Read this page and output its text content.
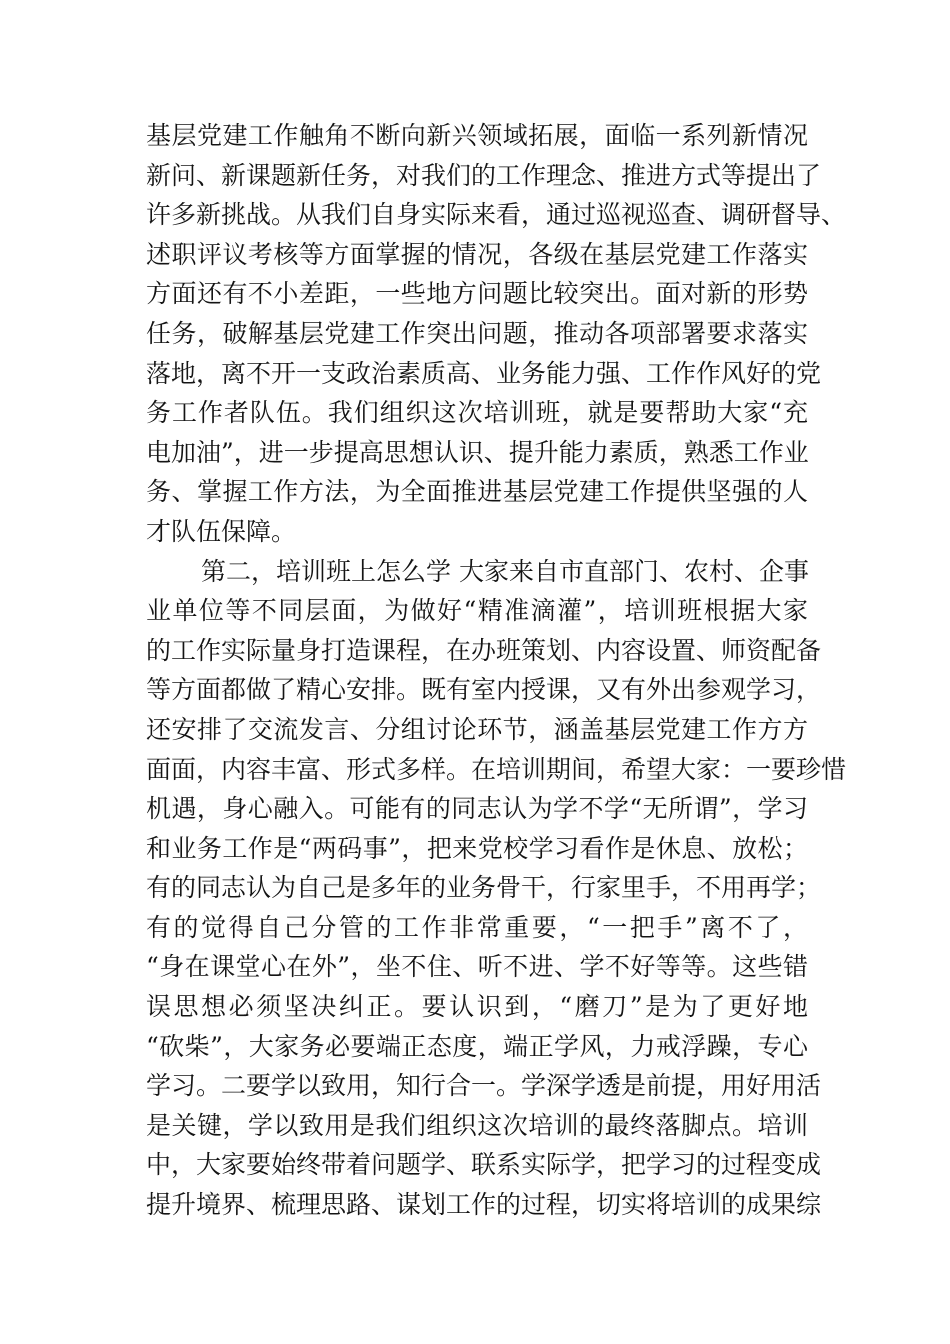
基层党建工作触角不断向新兴领域拓展，面临一系列新情况
新问、新课题新任务，对我们的工作理念、推进方式等提出了
许多新挑战。从我们自身实际来看，通过巡视巡查、调研督导、
述职评议考核等方面掌握的情况，各级在基层党建工作落实
方面还有不小差距，一些地方问题比较突出。面对新的形势
任务，破解基层党建工作突出问题，推动各项部署要求落实
落地，离不开一支政治素质高、业务能力强、工作作风好的党
务工作者队伍。我们组织这次培训班，就是要帮助大家“充
电加油”，进一步提高思想认识、提升能力素质，熟悉工作业
务、掌握工作方法，为全面推进基层党建工作提供坚强的人
才队伍保障。
第二，培训班上怎么学 大家来自市直部门、农村、企事
业单位等不同层面，为做好“精准滴灌”，培训班根据大家
的工作实际量身打造课程，在办班策划、内容设置、师资配备
等方面都做了精心安排。既有室内授课，又有外出参观学习，
还安排了交流发言、分组讨论环节，涵盖基层党建工作方方
面面，内容丰富、形式多样。在培训期间，希望大家：一要珍惜
机遇，身心融入。可能有的同志认为学不学“无所谓”，学习
和业务工作是“两码事”，把来党校学习看作是休息、放松；
有的同志认为自己是多年的业务骨干，行家里手，不用再学；
有的觉得自己分管的工作非常重要，“一把手”离不了，
“身在课堂心在外”，坐不住、听不进、学不好等等。这些错
误思想必须坚决纠正。要认识到，“磨刀”是为了更好地
“砍柴”，大家务必要端正态度，端正学风，力戒浮躁，专心
学习。二要学以致用，知行合一。学深学透是前提，用好用活
是关键，学以致用是我们组织这次培训的最终落脚点。培训
中，大家要始终带着问题学、联系实际学，把学习的过程变成
提升境界、梳理思路、谋划工作的过程，切实将培训的成果综
